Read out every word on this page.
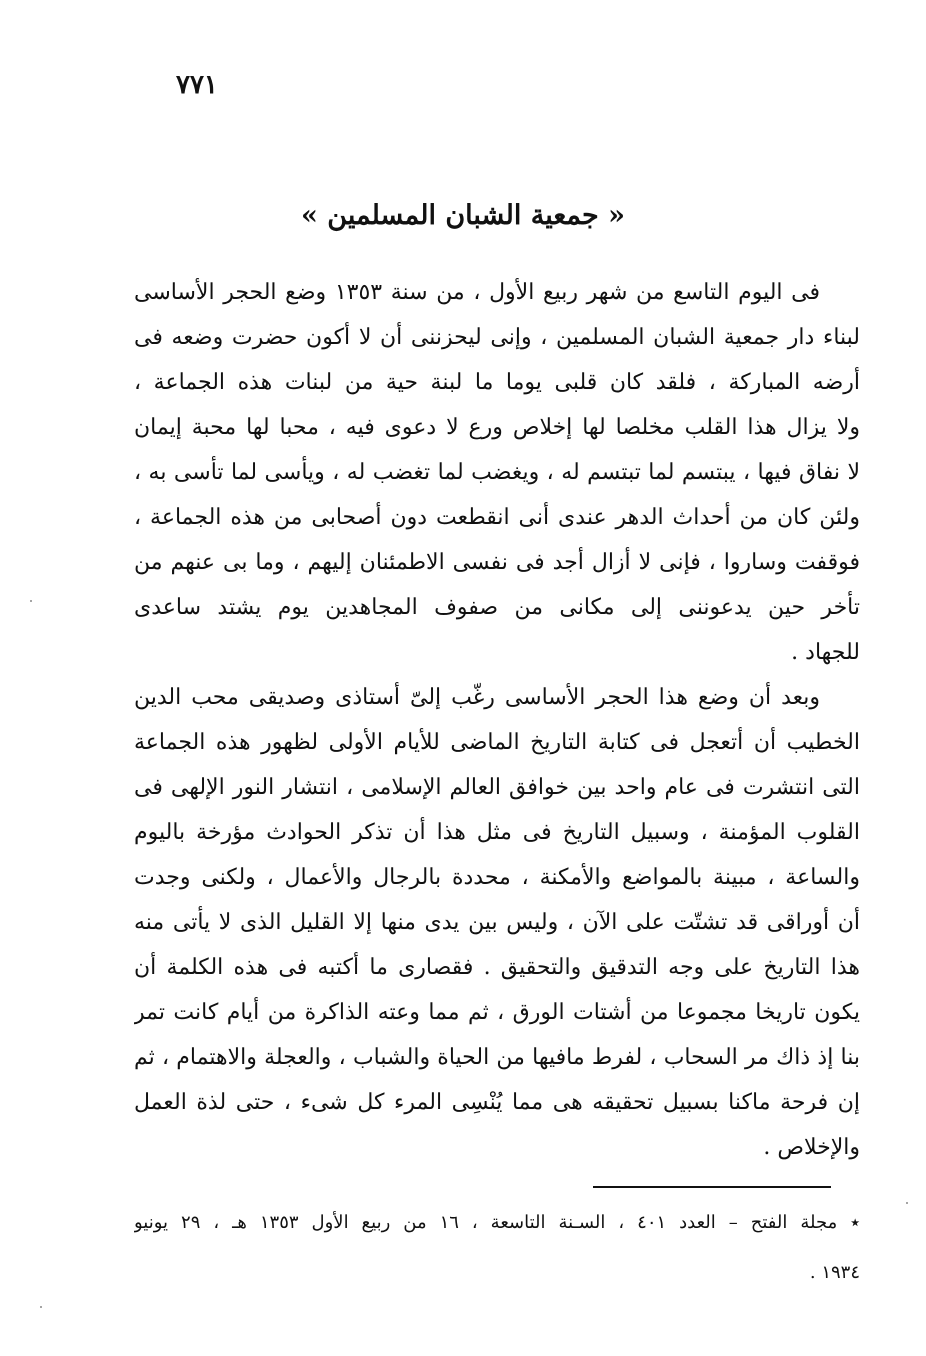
٧٧١
« جمعية الشبان المسلمين »
فى اليوم التاسع من شهر ربيع الأول ، من سنة ١٣٥٣ وضع الحجر الأساسى
لبناء دار جمعية الشبان المسلمين ، وإنى ليحزننى أن لا أكون حضرت وضعه فى
أرضه المباركة ، فلقد كان قلبى يوما ما لبنة حية من لبنات هذه الجماعة ،
ولا يزال هذا القلب مخلصا لها إخلاص ورع لا دعوى فيه ، محبا لها محبة إيمان
لا نفاق فيها ، يبتسم لما تبتسم له ، ويغضب لما تغضب له ، ويأسى لما تأسى به ،
ولئن كان من أحداث الدهر عندى أنى انقطعت دون أصحابى من هذه الجماعة ،
فوقفت وساروا ، فإنى لا أزال أجد فى نفسى الاطمئنان إليهم ، وما بى عنهم من
تأخر حين يدعوننى إلى مكانى من صفوف المجاهدين يوم يشتد ساعدى
للجهاد .
وبعد أن وضع هذا الحجر الأساسى رغّب إلىّ أستاذى وصديقى محب الدين
الخطيب أن أتعجل فى كتابة التاريخ الماضى للأيام الأولى لظهور هذه الجماعة
التى انتشرت فى عام واحد بين خوافق العالم الإسلامى ، انتشار النور الإلهى فى
القلوب المؤمنة ، وسبيل التاريخ فى مثل هذا أن تذكر الحوادث مؤرخة باليوم
والساعة ، مبينة بالمواضع والأمكنة ، محددة بالرجال والأعمال ، ولكنى وجدت
أن أوراقى قد تشتّت على الآن ، وليس بين يدى منها إلا القليل الذى لا يأتى منه
هذا التاريخ على وجه التدقيق والتحقيق . فقصارى ما أكتبه فى هذه الكلمة أن
يكون تاريخا مجموعا من أشتات الورق ، ثم مما وعته الذاكرة من أيام كانت تمر
بنا إذ ذاك مر السحاب ، لفرط مافيها من الحياة والشباب ، والعجلة والاهتمام ، ثم
إن فرحة ماكنا بسبيل تحقيقه هى مما يُنْسِى المرء كل شىء ، حتى لذة العمل
والإخلاص .
٭ مجلة الفتح – العدد ٤٠١ ، السـنة التاسعة ، ١٦ من ربيع الأول ١٣٥٣ هـ ، ٢٩ يونيو
١٩٣٤ .
